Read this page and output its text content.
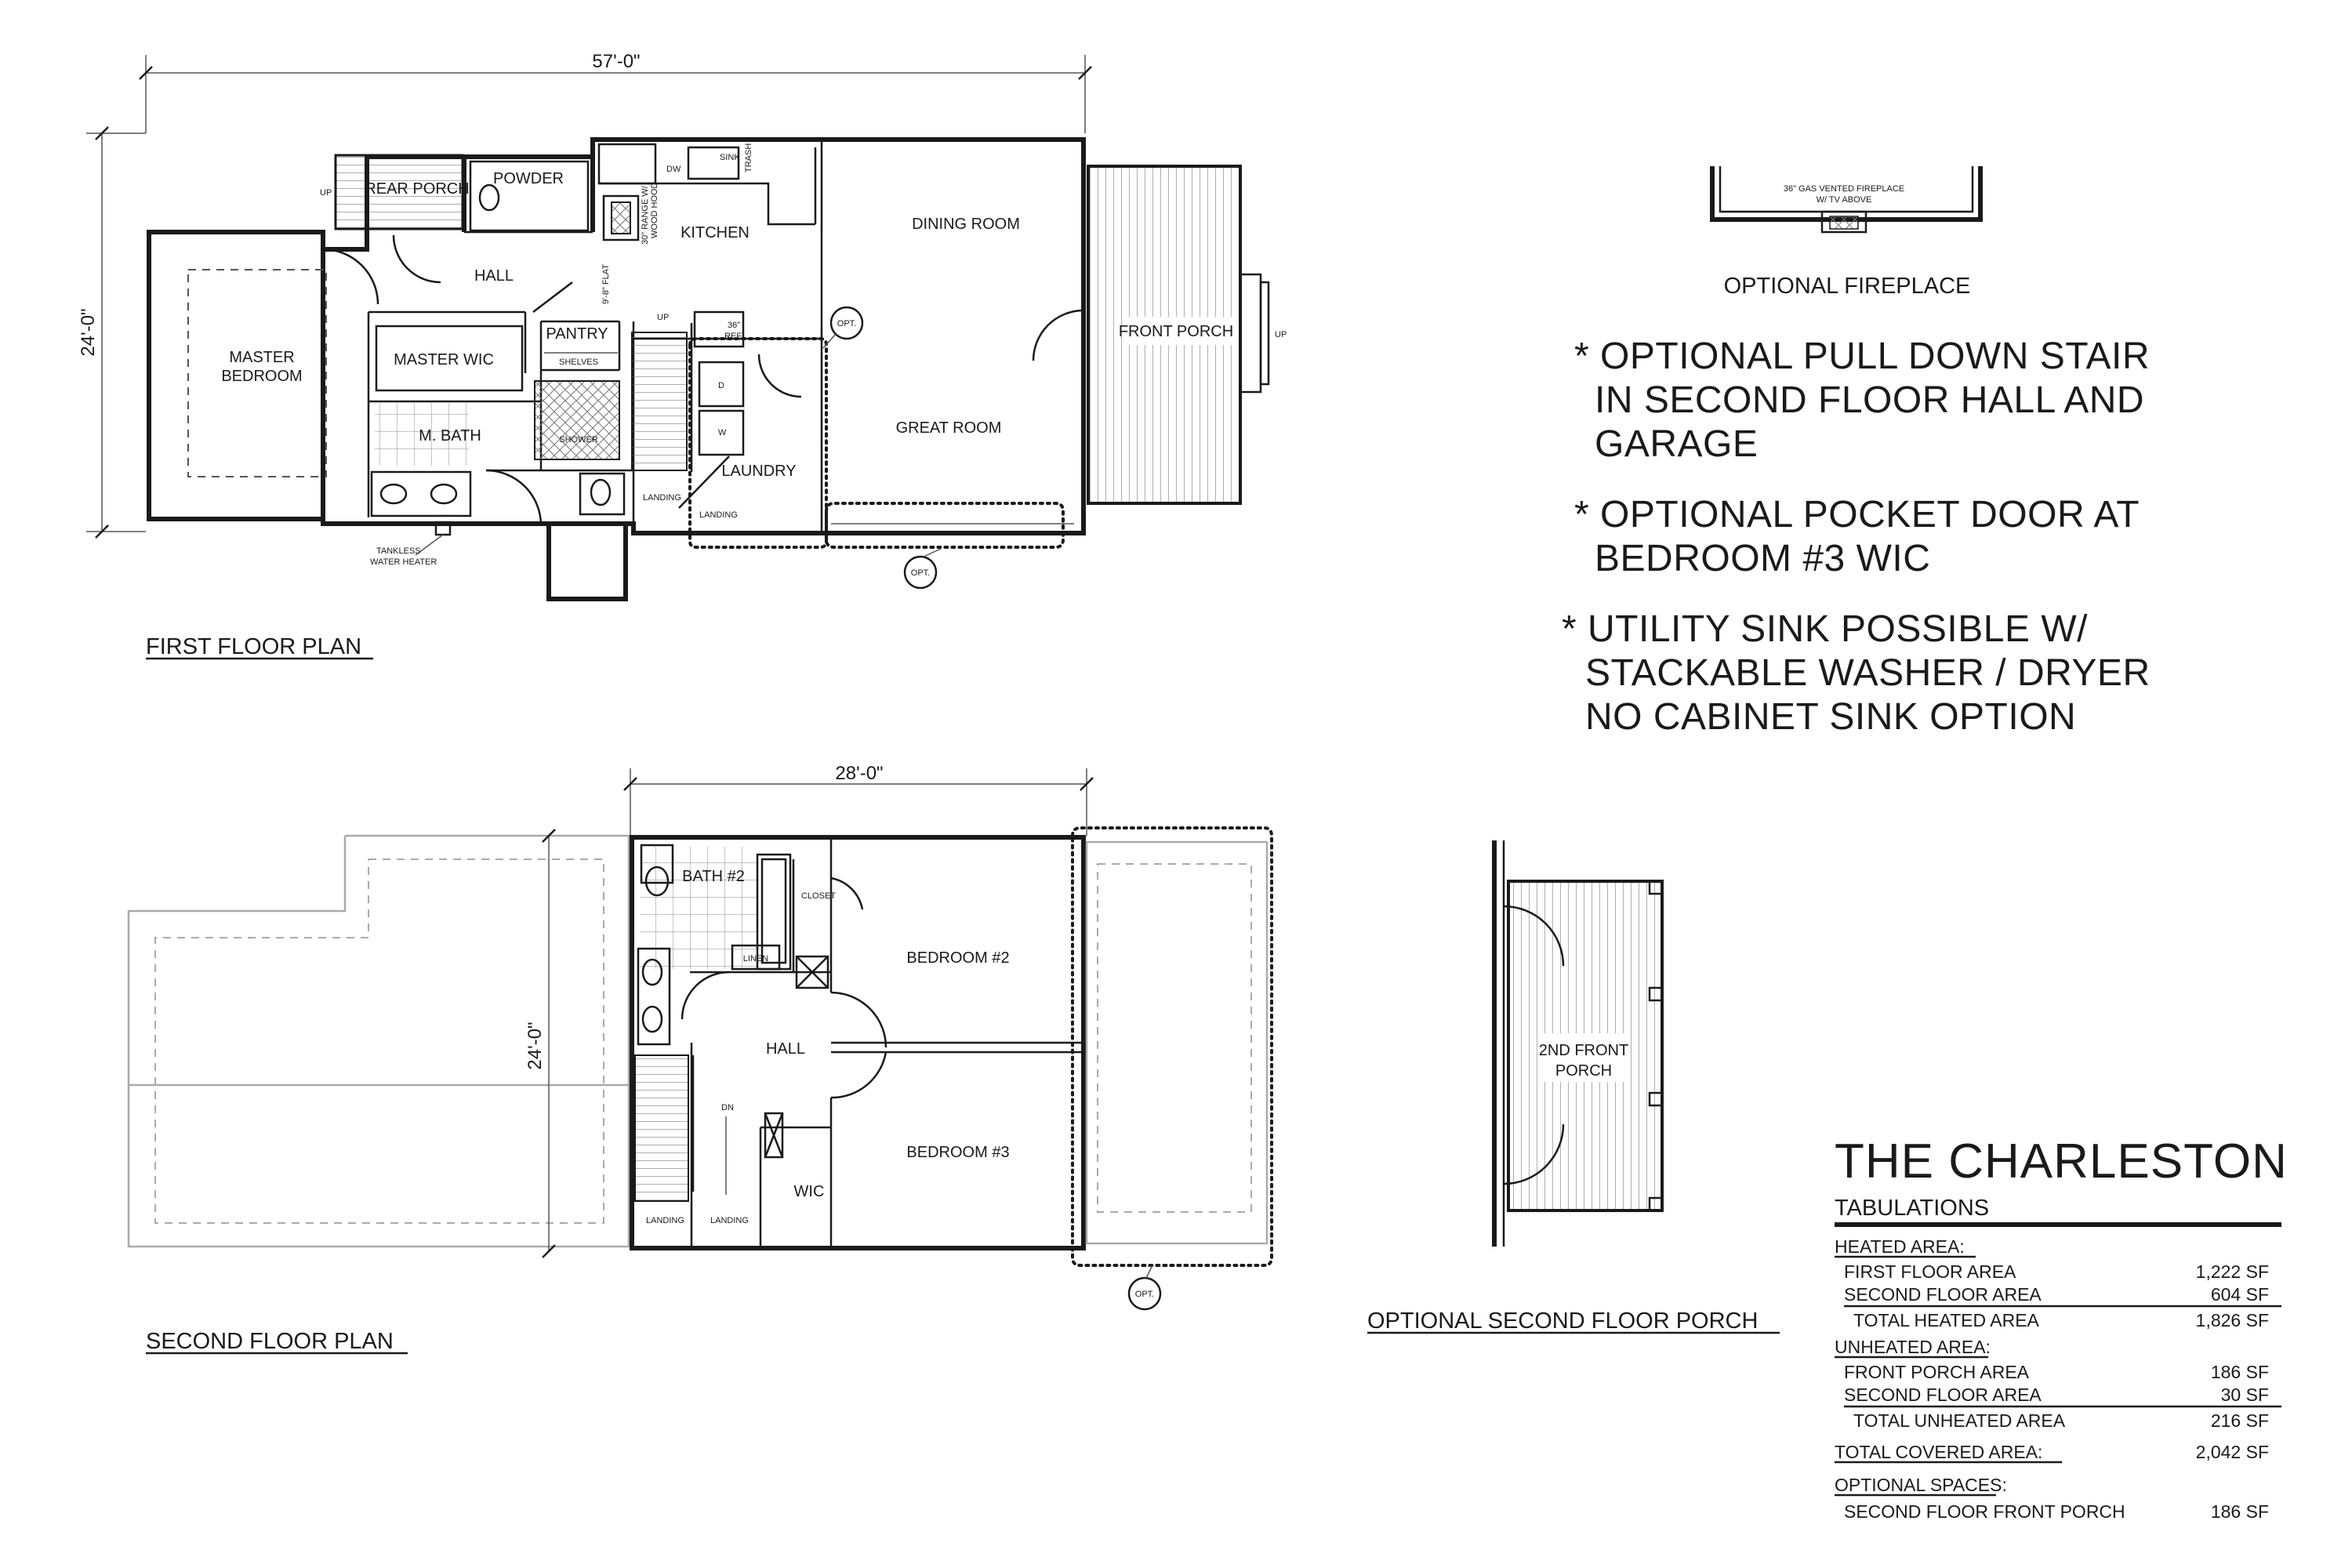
57'-0"
24'-0"
REAR PORCH
UP
TANKLESS
WATER HEATER
MASTER
BEDROOM
POWDER
HALL
MASTER WIC
PANTRY
SHELVES
SHOWER
M. BATH
DW
SINK TRASH
30" RANGE W/ WOOD HOOD
9'-8" FLAT
KITCHEN
36"
REF.
UP
D
W
LAUNDRY
LANDING
LANDING
OPT.
DINING ROOM
GREAT ROOM
OPT.
FRONT PORCH	UP
FIRST FLOOR PLAN
36" GAS VENTED FIREPLACE
W/ TV ABOVE
OPTIONAL FIREPLACE
* OPTIONAL PULL DOWN STAIR
IN SECOND FLOOR HALL AND
GARAGE
* OPTIONAL POCKET DOOR AT
BEDROOM #3 WIC
* UTILITY SINK POSSIBLE W/
STACKABLE WASHER / DRYER
NO CABINET SINK OPTION
28'-0"
24'-0"
BATH #2
CLOSET
LINEN	BEDROOM #2
HALL
BEDROOM #3
DN
LANDING	LANDING
WIC
OPT.
SECOND FLOOR PLAN
2ND FRONT
PORCH
OPTIONAL SECOND FLOOR PORCH
THE CHARLESTON
TABULATIONS
HEATED AREA:
FIRST FLOOR AREA	1,222 SF
SECOND FLOOR AREA	604 SF
TOTAL HEATED AREA	1,826 SF
UNHEATED AREA:
FRONT PORCH AREA	186 SF
SECOND FLOOR AREA	30 SF
TOTAL UNHEATED AREA	216 SF
TOTAL COVERED AREA:	2,042 SF
OPTIONAL SPACES:
SECOND FLOOR FRONT PORCH	186 SF
